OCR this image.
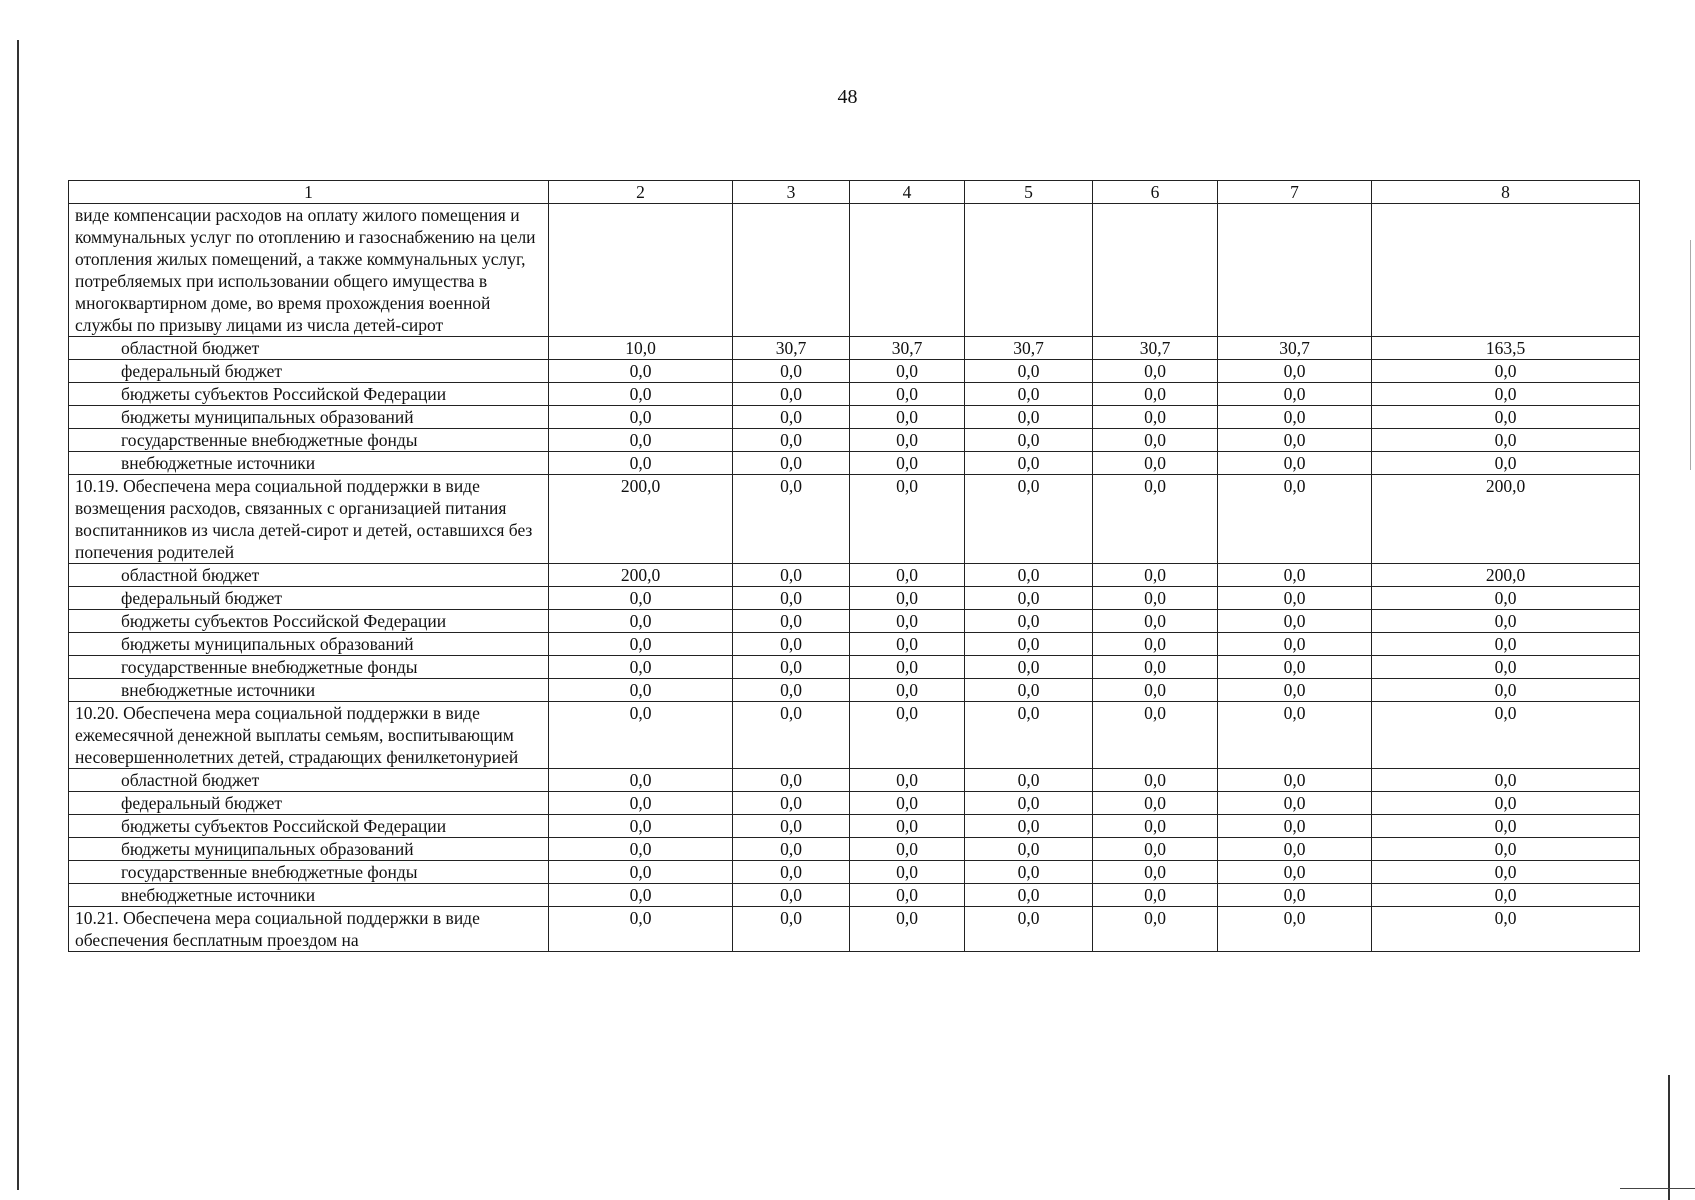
48
1	2	3	4	5	6	7	8
виде компенсации расходов на оплату жилого помещения и коммунальных услуг по отоплению и газоснабжению на цели отопления жилых помещений, а также коммунальных услуг, потребляемых при использовании общего имущества в многоквартирном доме, во время прохождения военной службы по призыву лицами из числа детей-сирот							
областной бюджет	10,0	30,7	30,7	30,7	30,7	30,7	163,5
федеральный бюджет	0,0	0,0	0,0	0,0	0,0	0,0	0,0
бюджеты субъектов Российской Федерации	0,0	0,0	0,0	0,0	0,0	0,0	0,0
бюджеты муниципальных образований	0,0	0,0	0,0	0,0	0,0	0,0	0,0
государственные внебюджетные фонды	0,0	0,0	0,0	0,0	0,0	0,0	0,0
внебюджетные источники	0,0	0,0	0,0	0,0	0,0	0,0	0,0
10.19. Обеспечена мера социальной поддержки в виде возмещения расходов, связанных с организацией питания воспитанников из числа детей-сирот и детей, оставшихся без попечения родителей	200,0	0,0	0,0	0,0	0,0	0,0	200,0
областной бюджет	200,0	0,0	0,0	0,0	0,0	0,0	200,0
федеральный бюджет	0,0	0,0	0,0	0,0	0,0	0,0	0,0
бюджеты субъектов Российской Федерации	0,0	0,0	0,0	0,0	0,0	0,0	0,0
бюджеты муниципальных образований	0,0	0,0	0,0	0,0	0,0	0,0	0,0
государственные внебюджетные фонды	0,0	0,0	0,0	0,0	0,0	0,0	0,0
внебюджетные источники	0,0	0,0	0,0	0,0	0,0	0,0	0,0
10.20. Обеспечена мера социальной поддержки в виде ежемесячной денежной выплаты семьям, воспитывающим несовершеннолетних детей, страдающих фенилкетонурией	0,0	0,0	0,0	0,0	0,0	0,0	0,0
областной бюджет	0,0	0,0	0,0	0,0	0,0	0,0	0,0
федеральный бюджет	0,0	0,0	0,0	0,0	0,0	0,0	0,0
бюджеты субъектов Российской Федерации	0,0	0,0	0,0	0,0	0,0	0,0	0,0
бюджеты муниципальных образований	0,0	0,0	0,0	0,0	0,0	0,0	0,0
государственные внебюджетные фонды	0,0	0,0	0,0	0,0	0,0	0,0	0,0
внебюджетные источники	0,0	0,0	0,0	0,0	0,0	0,0	0,0
10.21. Обеспечена мера социальной поддержки в виде обеспечения бесплатным проездом на	0,0	0,0	0,0	0,0	0,0	0,0	0,0
